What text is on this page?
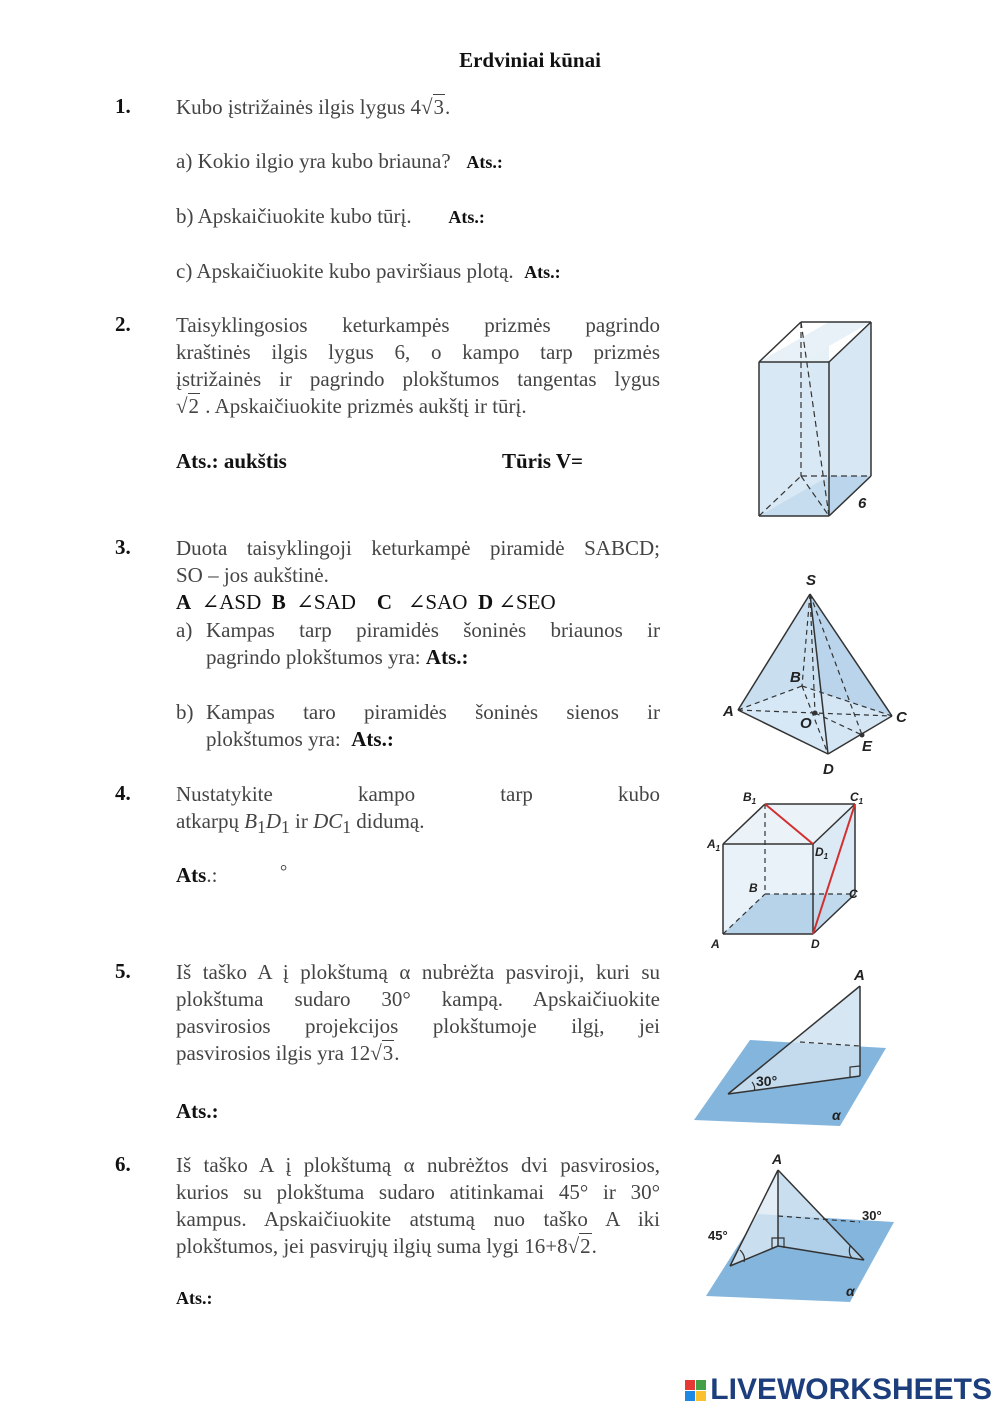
Erdviniai kūnai
1. Kubo įstrižainės ilgis lygus 4√3.
a) Kokio ilgio yra kubo briauna? Ats.:
b) Apskaičiuokite kubo tūrį. Ats.:
c) Apskaičiuokite kubo paviršiaus plotą. Ats.:
2. Taisyklingosios keturkampės prizmės pagrindo
kraštinės ilgis lygus 6, o kampo tarp prizmės
įstrižainės ir pagrindo plokštumos tangentas lygus
√2 . Apskaičiuokite prizmės aukštį ir tūrį.
Ats.: aukštis	Tūris V=
6
3. Duota taisyklingoji keturkampė piramidė SABCD;
SO – jos aukštinė.
A ∠ASD B ∠SAD C ∠SAO D ∠SEO
a) Kampas tarp piramidės šoninės briaunos ir
pagrindo plokštumos yra: Ats.:
b) Kampas taro piramidės šoninės sienos ir
plokštumos yra: Ats.:
S
A
B
C
D
E
O
4. Nustatykite kampo tarp kubo
atkarpų $B_1D_1$ ir $DC_1$ didumą.
Ats.:	°
$B_1$	$C_1$
$A_1$	$D_1$
B	C
A	D
5. Iš taško A į plokštumą α nubrėžta pasviroji, kuri su
plokštuma sudaro 30° kampą. Apskaičiuokite
pasvirosios projekcijos plokštumoje ilgį, jei
pasvirosios ilgis yra 12√3.
Ats.:
A
30°
α
6. Iš taško A į plokštumą α nubrėžtos dvi pasvirosios,
kurios su plokštuma sudaro atitinkamai 45° ir 30°
kampus. Apskaičiuokite atstumą nuo taško A iki
plokštumos, jei pasvirųjų ilgių suma lygi 16+8√2.
Ats.:
A
45°
30°
α
LIVEWORKSHEETS
